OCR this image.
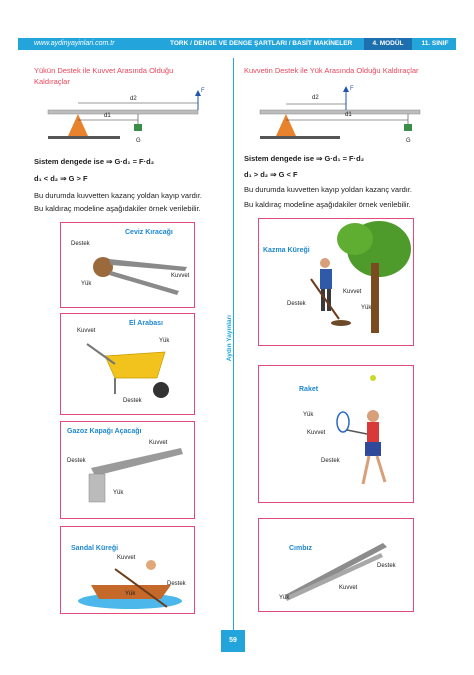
www.aydinyayinlari.com.tr	TORK / DENGE VE DENGE ŞARTLARI / BASİT MAKİNELER	4. MODÜL	11. SINIF
Yükün Destek ile Kuvvet Arasında Olduğu
Kaldıraçlar
F
G
d2
d1
Sistem dengede ise ⇒ G·d₁ = F·d₂
d₁ < d₂ ⇒ G > F
Bu durumda kuvvetten kazanç yoldan kayıp vardır.
Bu kaldıraç modeline aşağıdakiler örnek verilebilir.
Ceviz Kıracağı
Destek
Kuvvet
Yük
El Arabası
Kuvvet
Yük
Destek
Gazoz Kapağı Açacağı
Kuvvet
Destek
Yük
Sandal Küreği
Kuvvet
Destek
Yük
Aydın Yayınları
Kuvvetin Destek ile Yük Arasında Olduğu Kaldıraçlar
F
G
d2
d1
Sistem dengede ise ⇒ G·d₁ = F·d₂
d₁ > d₂ ⇒ G < F
Bu durumda kuvvetten kayıp yoldan kazanç vardır.
Bu kaldıraç modeline aşağıdakiler örnek verilebilir.
Kazma Küreği
Kuvvet
Destek
Yük
Raket
Yük
Kuvvet
Destek
Cımbız
Destek
Kuvvet
Yük
59
